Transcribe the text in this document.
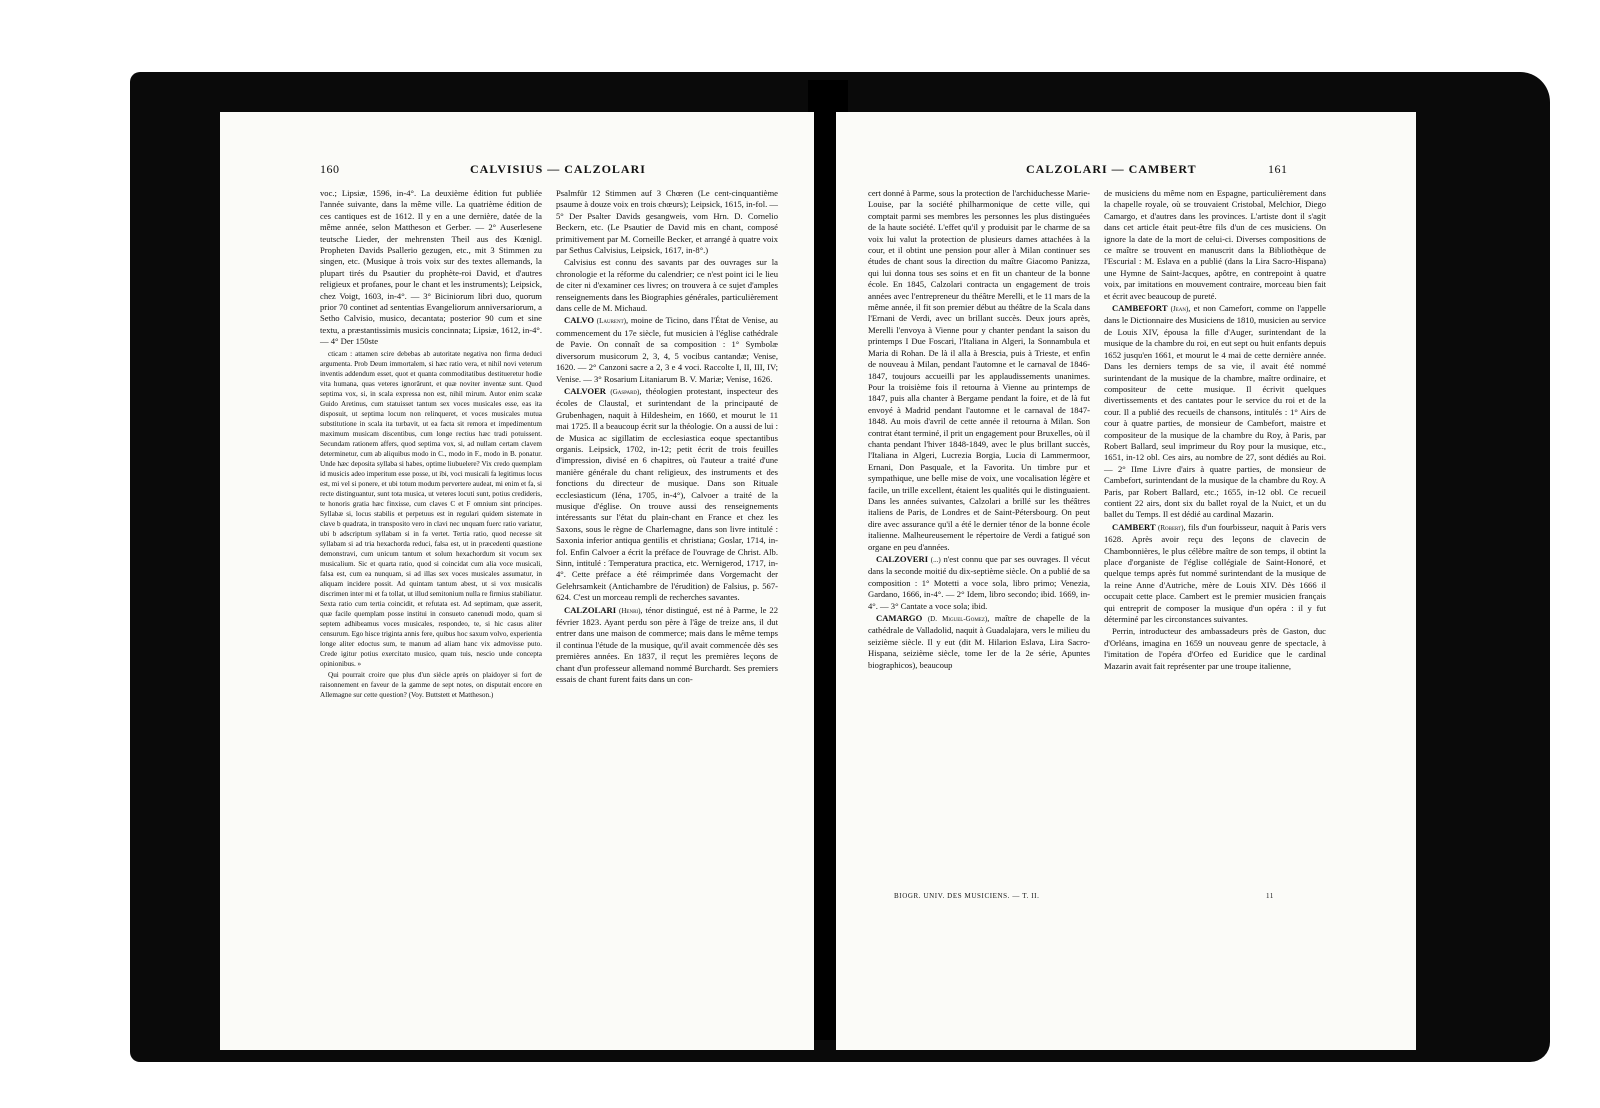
160	CALVISIUS — CALZOLARI

voc.; Lipsiæ, 1596, in-4°. La deuxième édition fut publiée l'année suivante, dans la même ville. La quatrième édition de ces cantiques est de 1612. Il y en a une dernière, datée de la même année, selon Mattheson et Gerber. — 2° Auserlesene teutsche Lieder, der mehrensten Theil aus des Kœnigl. Propheten Davids Psallerio gezugen, etc., mit 3 Stimmen zu singen, etc. (Musique à trois voix sur des textes allemands, la plupart tirés du Psautier du prophète-roi David, et d'autres religieux et profanes, pour le chant et les instruments); Leipsick, chez Voigt, 1603, in-4°. — 3° Biciniorum libri duo, quorum prior 70 continet ad sententias Evangeliorum anniversariorum, a Setho Calvisio, musico, decantata; posterior 90 cum et sine textu, a præstantissimis musicis concinnata; Lipsiæ, 1612, in-4°. — 4° Der 150ste

cticam : attamen scire debebas ab autoritate negativa non firma deduci argumenta. Prob Deum immortalem, si hæc ratio vera, et nihil novi veterum inventis addendum esset, quot et quanta commoditatibus destitueretur hodie vita humana, quas veteres ignorârunt, et quæ noviter inventæ sunt. Quod septima vox, si, in scala expressa non est, nihil mirum. Autor enim scalæ Guido Aretinus, cum statuisset tantum sex voces musicales esse, eas ita disposuit, ut septima locum non relinqueret, et voces musicales mutua substitutione in scala ita turbavit, ut ea facta sit remora et impedimentum maximum musicam discentibus, cum longe rectius hæc tradi potuissent. Secundam rationem affers, quod septima vox, si, ad nullam certam clavem determinetur, cum ab aliquibus modo in C., modo in F., modo in B. ponatur. Unde hæc deposita syllaba si habes, optime liubuelere? Vix credo quemplam id musicis adeo imperitum esse posse, ut ibi, voci musicali fa legitimus locus est, mi vel si ponere, et ubi totum modum pervertere audeat, mi enim et fa, si recte distinguantur, sunt tota musica, ut veteres locuti sunt, potius credideris, te honoris gratia hæc finxisse, cum claves C et F omnium sint principes. Syllabæ si, locus stabilis et perpetuus est in regulari quidem sistemate in clave b quadrata, in transposito vero in clavi nec unquam fuerc ratio variatur, ubi b adscriptum syllabam si in fa vertet. Tertia ratio, quod necesse sit syllabam si ad tria hexachorda reduci, falsa est, ut in præcedenti quæstione demonstravi, cum unicum tantum et solum hexachordum sit vocum sex musicalium. Sic et quarta ratio, quod si coincidat cum alia voce musicali, falsa est, cum ea nunquam, si ad illas sex voces musicales assumatur, in aliquam incidere possit. Ad quintam tantum abest, ut si vox musicalis discrimen inter mi et fa tollat, ut illud semitonium nulla re firmius stabiliatur. Sexta ratio cum tertia coincidit, et refutata est. Ad septimam, quæ asserit, quæ facile quemplam posse institui in consueto canenudi modo, quam si septem adhibeamus voces musicales, respondeo, te, si hic casus aliter censurum. Ego hisce triginta annis fere, quibus hoc saxum volvo, experientia longe aliter edoctus sum, te manum ad aliam hanc vix admovisse puto. Crede igitur potius exercitato musico, quam tuis, nescio unde concepta opinionibus. »

Qui pourrait croire que plus d'un siècle après on plaidoyer si fort de raisonnement en faveur de la gamme de sept notes, on disputait encore en Allemagne sur cette question? (Voy. Buttstett et Mattheson.)

Psalmfür 12 Stimmen auf 3 Chœren (Le cent-cinquantième psaume à douze voix en trois chœurs); Leipsick, 1615, in-fol. — 5° Der Psalter Davids gesangweis, vom Hrn. D. Cornelio Beckern, etc. (Le Psautier de David mis en chant, composé primitivement par M. Corneille Becker, et arrangé à quatre voix par Sethus Calvisius, Leipsick, 1617, in-8°.)

Calvisius est connu des savants par des ouvrages sur la chronologie et la réforme du calendrier; ce n'est point ici le lieu de citer ni d'examiner ces livres; on trouvera à ce sujet d'amples renseignements dans les Biographies générales, particulièrement dans celle de M. Michaud.

CALVO (Laurent), moine de Ticino, dans l'État de Venise, au commencement du 17e siècle, fut musicien à l'église cathédrale de Pavie. On connaît de sa composition : 1° Symbolæ diversorum musicorum 2, 3, 4, 5 vocibus cantandæ; Venise, 1620. — 2° Canzoni sacre a 2, 3 e 4 voci. Raccolte I, II, III, IV; Venise. — 3° Rosarium Litaniarum B. V. Mariæ; Venise, 1626.

CALVOER (Gaspard), théologien protestant, inspecteur des écoles de Claustal, et surintendant de la principauté de Grubenhagen, naquit à Hildesheim, en 1660, et mourut le 11 mai 1725. Il a beaucoup écrit sur la théologie. On a aussi de lui : de Musica ac sigillatim de ecclesiastica eoque spectantibus organis. Leipsick, 1702, in-12; petit écrit de trois feuilles d'impression, divisé en 6 chapitres, où l'auteur a traité d'une manière générale du chant religieux, des instruments et des fonctions du directeur de musique. Dans son Rituale ecclesiasticum (Iéna, 1705, in-4°), Calvoer a traité de la musique d'église. On trouve aussi des renseignements intéressants sur l'état du plain-chant en France et chez les Saxons, sous le règne de Charlemagne, dans son livre intitulé : Saxonia inferior antiqua gentilis et christiana; Goslar, 1714, in-fol. Enfin Calvoer a écrit la préface de l'ouvrage de Christ. Alb. Sinn, intitulé : Temperatura practica, etc. Wernigerod, 1717, in-4°. Cette préface a été réimprimée dans Vorgemacht der Gelehrsamkeit (Antichambre de l'érudition) de Falsius, p. 567-624. C'est un morceau rempli de recherches savantes.

CALZOLARI (Henri), ténor distingué, est né à Parme, le 22 février 1823. Ayant perdu son père à l'âge de treize ans, il dut entrer dans une maison de commerce; mais dans le même temps il continua l'étude de la musique, qu'il avait commencée dès ses premières années. En 1837, il reçut les premières leçons de chant d'un professeur allemand nommé Burchardt. Ses premiers essais de chant furent faits dans un con-

CALZOLARI — CAMBERT	161

cert donné à Parme, sous la protection de l'archiduchesse Marie-Louise, par la société philharmonique de cette ville, qui comptait parmi ses membres les personnes les plus distinguées de la haute société. L'effet qu'il y produisit par le charme de sa voix lui valut la protection de plusieurs dames attachées à la cour, et il obtint une pension pour aller à Milan continuer ses études de chant sous la direction du maître Giacomo Panizza, qui lui donna tous ses soins et en fit un chanteur de la bonne école. En 1845, Calzolari contracta un engagement de trois années avec l'entrepreneur du théâtre Merelli, et le 11 mars de la même année, il fit son premier début au théâtre de la Scala dans l'Ernani de Verdi, avec un brillant succès. Deux jours après, Merelli l'envoya à Vienne pour y chanter pendant la saison du printemps I Due Foscari, l'Italiana in Algeri, la Sonnambula et Maria di Rohan. De là il alla à Brescia, puis à Trieste, et enfin de nouveau à Milan, pendant l'automne et le carnaval de 1846-1847, toujours accueilli par les applaudissements unanimes. Pour la troisième fois il retourna à Vienne au printemps de 1847, puis alla chanter à Bergame pendant la foire, et de là fut envoyé à Madrid pendant l'automne et le carnaval de 1847-1848. Au mois d'avril de cette année il retourna à Milan. Son contrat étant terminé, il prit un engagement pour Bruxelles, où il chanta pendant l'hiver 1848-1849, avec le plus brillant succès, l'Italiana in Algeri, Lucrezia Borgia, Lucia di Lammermoor, Ernani, Don Pasquale, et la Favorita. Un timbre pur et sympathique, une belle mise de voix, une vocalisation légère et facile, un trille excellent, étaient les qualités qui le distinguaient. Dans les années suivantes, Calzolari a brillé sur les théâtres italiens de Paris, de Londres et de Saint-Pétersbourg. On peut dire avec assurance qu'il a été le dernier ténor de la bonne école italienne. Malheureusement le répertoire de Verdi a fatigué son organe en peu d'années.

CALZOVERI (...) n'est connu que par ses ouvrages. Il vécut dans la seconde moitié du dix-septième siècle. On a publié de sa composition : 1° Motetti a voce sola, libro primo; Venezia, Gardano, 1666, in-4°. — 2° Idem, libro secondo; ibid. 1669, in-4°. — 3° Cantate a voce sola; ibid.

CAMARGO (D. Miguel-Gomez), maître de chapelle de la cathédrale de Valladolid, naquit à Guadalajara, vers le milieu du seizième siècle. Il y eut (dit M. Hilarion Eslava, Lira Sacro-Hispana, seizième siècle, tome Ier de la 2e série, Apuntes biographicos), beaucoup

de musiciens du même nom en Espagne, particulièrement dans la chapelle royale, où se trouvaient Cristobal, Melchior, Diego Camargo, et d'autres dans les provinces. L'artiste dont il s'agit dans cet article était peut-être fils d'un de ces musiciens. On ignore la date de la mort de celui-ci. Diverses compositions de ce maître se trouvent en manuscrit dans la Bibliothèque de l'Escurial : M. Eslava en a publié (dans la Lira Sacro-Hispana) une Hymne de Saint-Jacques, apôtre, en contrepoint à quatre voix, par imitations en mouvement contraire, morceau bien fait et écrit avec beaucoup de pureté.

CAMBEFORT (Jean), et non Camefort, comme on l'appelle dans le Dictionnaire des Musiciens de 1810, musicien au service de Louis XIV, épousa la fille d'Auger, surintendant de la musique de la chambre du roi, en eut sept ou huit enfants depuis 1652 jusqu'en 1661, et mourut le 4 mai de cette dernière année. Dans les derniers temps de sa vie, il avait été nommé surintendant de la musique de la chambre, maître ordinaire, et compositeur de cette musique. Il écrivit quelques divertissements et des cantates pour le service du roi et de la cour. Il a publié des recueils de chansons, intitulés : 1° Airs de cour à quatre parties, de monsieur de Cambefort, maistre et compositeur de la musique de la chambre du Roy, à Paris, par Robert Ballard, seul imprimeur du Roy pour la musique, etc., 1651, in-12 obl. Ces airs, au nombre de 27, sont dédiés au Roi. — 2° IIme Livre d'airs à quatre parties, de monsieur de Cambefort, surintendant de la musique de la chambre du Roy. A Paris, par Robert Ballard, etc.; 1655, in-12 obl. Ce recueil contient 22 airs, dont six du ballet royal de la Nuict, et un du ballet du Temps. Il est dédié au cardinal Mazarin.

CAMBERT (Robert), fils d'un fourbisseur, naquit à Paris vers 1628. Après avoir reçu des leçons de clavecin de Chambonnières, le plus célèbre maître de son temps, il obtint la place d'organiste de l'église collégiale de Saint-Honoré, et quelque temps après fut nommé surintendant de la musique de la reine Anne d'Autriche, mère de Louis XIV. Dès 1666 il occupait cette place. Cambert est le premier musicien français qui entreprit de composer la musique d'un opéra : il y fut déterminé par les circonstances suivantes.

Perrin, introducteur des ambassadeurs près de Gaston, duc d'Orléans, imagina en 1659 un nouveau genre de spectacle, à l'imitation de l'opéra d'Orfeo ed Euridice que le cardinal Mazarin avait fait représenter par une troupe italienne,

BIOGR. UNIV. DES MUSICIENS. — T. II.	11
